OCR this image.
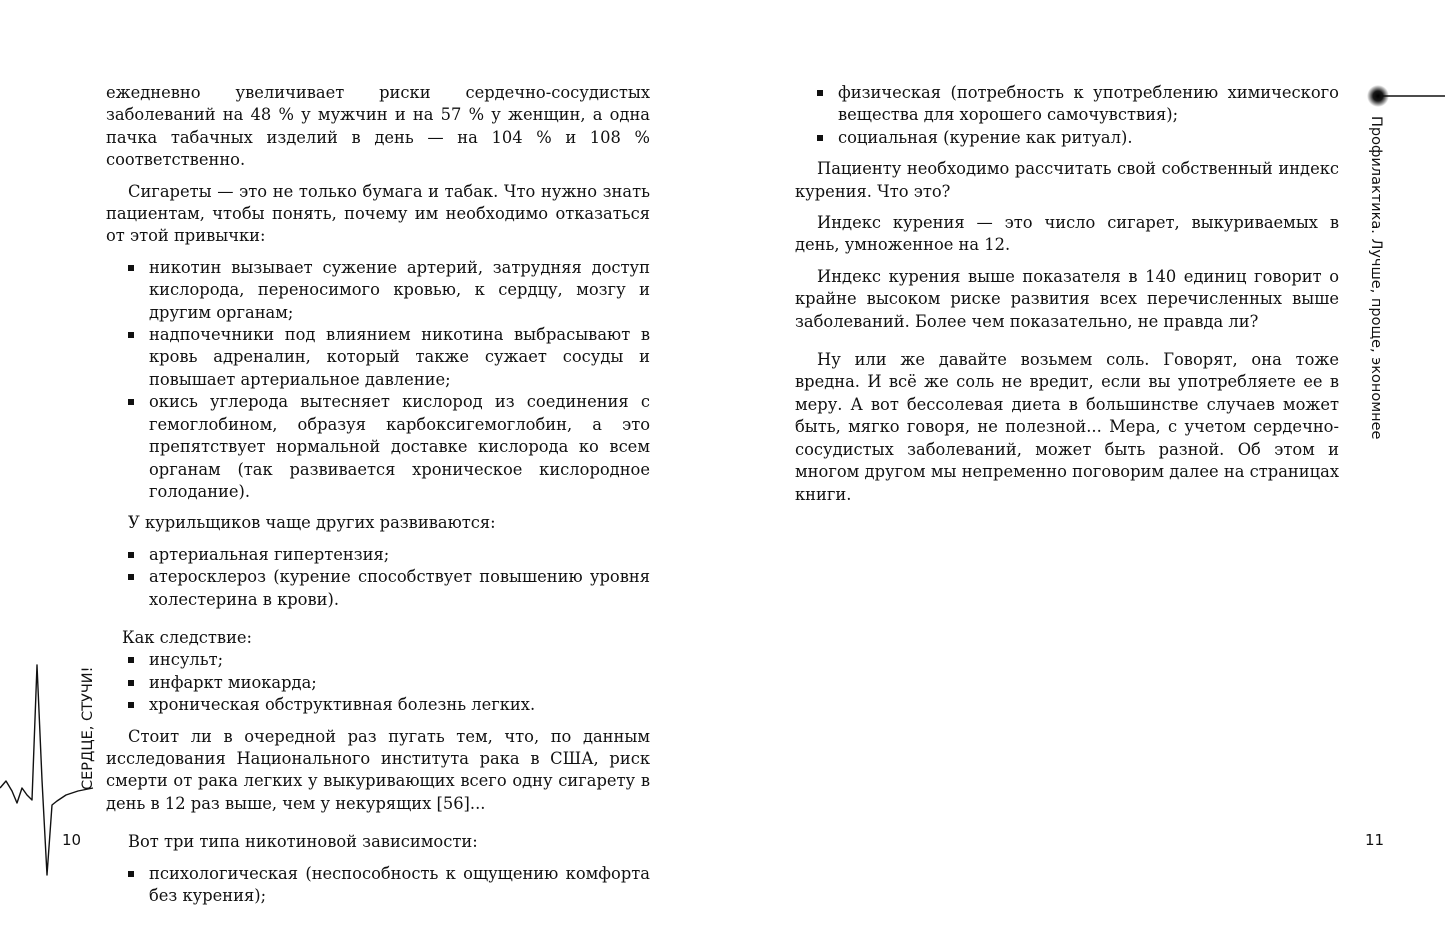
СЕРДЦЕ, СТУЧИ!
10

ежедневно увеличивает риски сердечно-сосудистых заболеваний на 48 % у мужчин и на 57 % у женщин, а одна пачка табачных изделий в день — на 104 % и 108 % соответственно.

Сигареты — это не только бумага и табак. Что нужно знать пациентам, чтобы понять, почему им необходимо отказаться от этой привычки:

никотин вызывает сужение артерий, затрудняя доступ кислорода, переносимого кровью, к сердцу, мозгу и другим органам;
надпочечники под влиянием никотина выбрасывают в кровь адреналин, который также сужает сосуды и повышает артериальное давление;
окись углерода вытесняет кислород из соединения с гемоглобином, образуя карбоксигемоглобин, а это препятствует нормальной доставке кислорода ко всем органам (так развивается хроническое кислородное голодание).

У курильщиков чаще других развиваются:

артериальная гипертензия;
атеросклероз (курение способствует повышению уровня холестерина в крови).

Как следствие:

инсульт;
инфаркт миокарда;
хроническая обструктивная болезнь легких.

Стоит ли в очередной раз пугать тем, что, по данным исследования Национального института рака в США, риск смерти от рака легких у выкуривающих всего одну сигарету в день в 12 раз выше, чем у некурящих [56]...

Вот три типа никотиновой зависимости:

психологическая (неспособность к ощущению комфорта без курения);
Профилактика. Лучше, проще, экономнее
11
физическая (потребность к употреблению химического вещества для хорошего самочувствия);
социальная (курение как ритуал).

Пациенту необходимо рассчитать свой собственный индекс курения. Что это?

Индекс курения — это число сигарет, выкуриваемых в день, умноженное на 12.

Индекс курения выше показателя в 140 единиц говорит о крайне высоком риске развития всех перечисленных выше заболеваний. Более чем показательно, не правда ли?

Ну или же давайте возьмем соль. Говорят, она тоже вредна. И всё же соль не вредит, если вы употребляете ее в меру. А вот бессолевая диета в большинстве случаев может быть, мягко говоря, не полезной... Мера, с учетом сердечно-сосудистых заболеваний, может быть разной. Об этом и многом другом мы непременно поговорим далее на страницах книги.
